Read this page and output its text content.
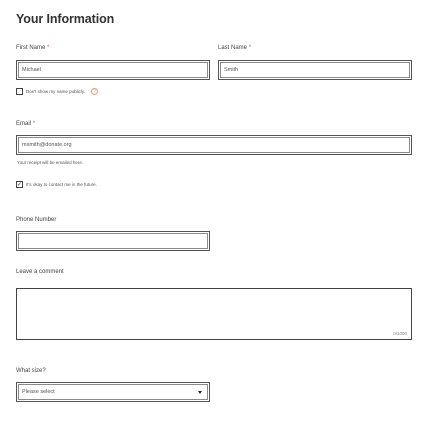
Your Information
First Name *
Michael
Last Name *
Smith
Don't show my name publicly.	?
Email *
msmith@donate.org
Your receipt will be emailed here.
✓ It's okay to contact me in the future.
Phone Number
Leave a comment
0/1000
What size?
Please select
